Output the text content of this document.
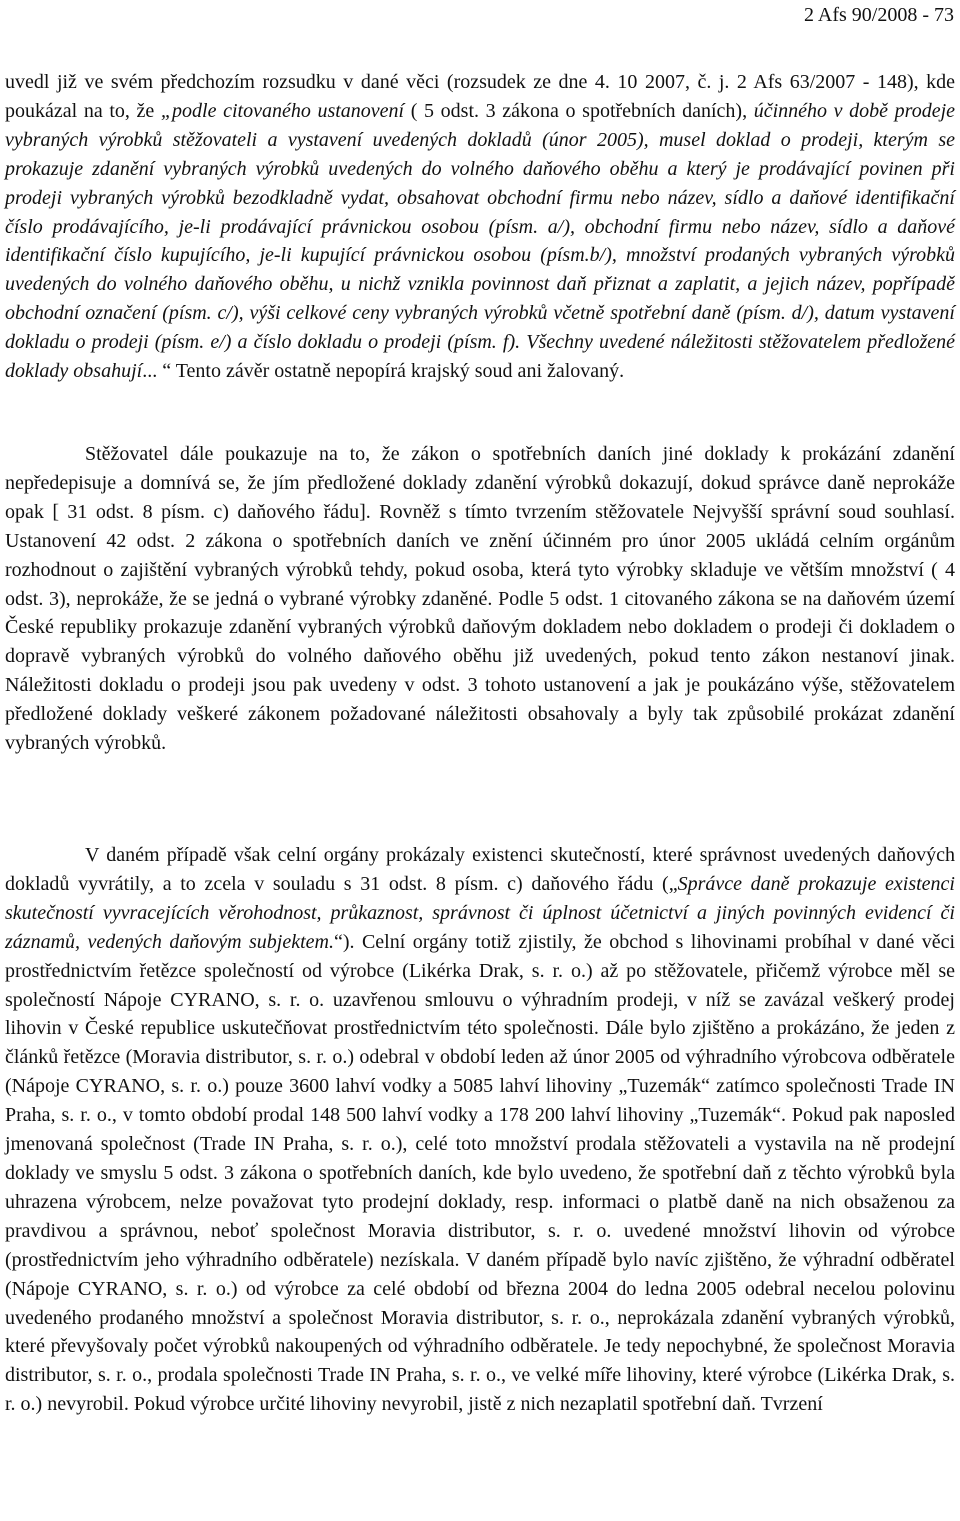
2 Afs 90/2008 - 73

uvedl již ve svém předchozím rozsudku v dané věci (rozsudek ze dne 4. 10 2007, č. j. 2 Afs 63/2007 - 148), kde poukázal na to, že „podle citovaného ustanovení ( 5 odst. 3 zákona o spotřebních daních), účinného v době prodeje vybraných výrobků stěžovateli a vystavení uvedených dokladů (únor 2005), musel doklad o prodeji, kterým se prokazuje zdanění vybraných výrobků uvedených do volného daňového oběhu a který je prodávající povinen při prodeji vybraných výrobků bezodkladně vydat, obsahovat obchodní firmu nebo název, sídlo a daňové identifikační číslo prodávajícího, je-li prodávající právnickou osobou (písm. a/), obchodní firmu nebo název, sídlo a daňové identifikační číslo kupujícího, je-li kupující právnickou osobou (písm.b/), množství prodaných vybraných výrobků uvedených do volného daňového oběhu, u nichž vznikla povinnost daň přiznat a zaplatit, a jejich název, popřípadě obchodní označení (písm. c/), výši celkové ceny vybraných výrobků včetně spotřební daně (písm. d/), datum vystavení dokladu o prodeji (písm. e/) a číslo dokladu o prodeji (písm. f). Všechny uvedené náležitosti stěžovatelem předložené doklady obsahují... “ Tento závěr ostatně nepopírá krajský soud ani žalovaný.

Stěžovatel dále poukazuje na to, že zákon o spotřebních daních jiné doklady k prokázání zdanění nepředepisuje a domnívá se, že jím předložené doklady zdanění výrobků dokazují, dokud správce daně neprokáže opak [ 31 odst. 8 písm. c) daňového řádu]. Rovněž s tímto tvrzením stěžovatele Nejvyšší správní soud souhlasí. Ustanovení 42 odst. 2 zákona o spotřebních daních ve znění účinném pro únor 2005 ukládá celním orgánům rozhodnout o zajištění vybraných výrobků tehdy, pokud osoba, která tyto výrobky skladuje ve větším množství ( 4 odst. 3), neprokáže, že se jedná o vybrané výrobky zdaněné. Podle 5 odst. 1 citovaného zákona se na daňovém území České republiky prokazuje zdanění vybraných výrobků daňovým dokladem nebo dokladem o prodeji či dokladem o dopravě vybraných výrobků do volného daňového oběhu již uvedených, pokud tento zákon nestanoví jinak. Náležitosti dokladu o prodeji jsou pak uvedeny v odst. 3 tohoto ustanovení a jak je poukázáno výše, stěžovatelem předložené doklady veškeré zákonem požadované náležitosti obsahovaly a byly tak způsobilé prokázat zdanění vybraných výrobků.

V daném případě však celní orgány prokázaly existenci skutečností, které správnost uvedených daňových dokladů vyvrátily, a to zcela v souladu s 31 odst. 8 písm. c) daňového řádu („Správce daně prokazuje existenci skutečností vyvracejících věrohodnost, průkaznost, správnost či úplnost účetnictví a jiných povinných evidencí či záznamů, vedených daňovým subjektem.“). Celní orgány totiž zjistily, že obchod s lihovinami probíhal v dané věci prostřednictvím řetězce společností od výrobce (Likérka Drak, s. r. o.) až po stěžovatele, přičemž výrobce měl se společností Nápoje CYRANO, s. r. o. uzavřenou smlouvu o výhradním prodeji, v níž se zavázal veškerý prodej lihovin v České republice uskutečňovat prostřednictvím této společnosti. Dále bylo zjištěno a prokázáno, že jeden z článků řetězce (Moravia distributor, s. r. o.) odebral v období leden až únor 2005 od výhradního výrobcova odběratele (Nápoje CYRANO, s. r. o.) pouze 3600 lahví vodky a 5085 lahví lihoviny „Tuzemák“ zatímco společnosti Trade IN Praha, s. r. o., v tomto období prodal 148 500 lahví vodky a 178 200 lahví lihoviny „Tuzemák“. Pokud pak naposled jmenovaná společnost (Trade IN Praha, s. r. o.), celé toto množství prodala stěžovateli a vystavila na ně prodejní doklady ve smyslu 5 odst. 3 zákona o spotřebních daních, kde bylo uvedeno, že spotřební daň z těchto výrobků byla uhrazena výrobcem, nelze považovat tyto prodejní doklady, resp. informaci o platbě daně na nich obsaženou za pravdivou a správnou, neboť společnost Moravia distributor, s. r. o. uvedené množství lihovin od výrobce (prostřednictvím jeho výhradního odběratele) nezískala. V daném případě bylo navíc zjištěno, že výhradní odběratel (Nápoje CYRANO, s. r. o.) od výrobce za celé období od března 2004 do ledna 2005 odebral necelou polovinu uvedeného prodaného množství a společnost Moravia distributor, s. r. o., neprokázala zdanění vybraných výrobků, které převyšovaly počet výrobků nakoupených od výhradního odběratele. Je tedy nepochybné, že společnost Moravia distributor, s. r. o., prodala společnosti Trade IN Praha, s. r. o., ve velké míře lihoviny, které výrobce (Likérka Drak, s. r. o.) nevyrobil. Pokud výrobce určité lihoviny nevyrobil, jistě z nich nezaplatil spotřební daň. Tvrzení
